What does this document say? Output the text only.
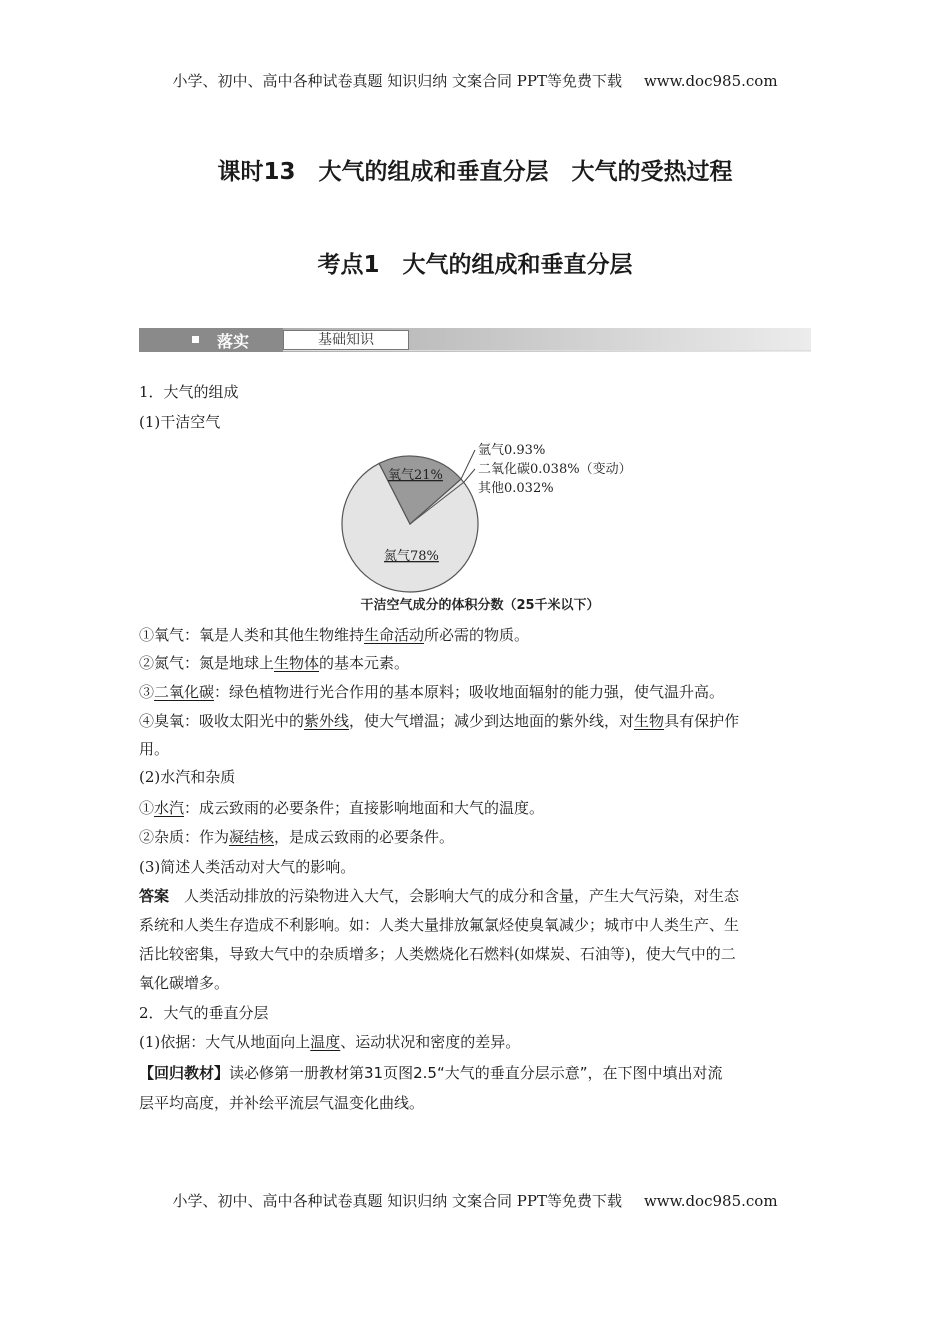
小学、初中、高中各种试卷真题 知识归纳 文案合同 PPT等免费下载 www.doc985.com
课时13　大气的组成和垂直分层　大气的受热过程
考点1　大气的组成和垂直分层
落实	基础知识
1．大气的组成
(1)干洁空气
氧气21%
氮气78%
氩气0.93%
二氧化碳0.038%（变动）
其他0.032%
干洁空气成分的体积分数（25千米以下）
①氧气：氧是人类和其他生物维持生命活动所必需的物质。
②氮气：氮是地球上生物体的基本元素。
③二氧化碳：绿色植物进行光合作用的基本原料；吸收地面辐射的能力强，使气温升高。
④臭氧：吸收太阳光中的紫外线，使大气增温；减少到达地面的紫外线，对生物具有保护作
用。
(2)水汽和杂质
①水汽：成云致雨的必要条件；直接影响地面和大气的温度。
②杂质：作为凝结核，是成云致雨的必要条件。
(3)简述人类活动对大气的影响。
答案　 人类活动排放的污染物进入大气，会影响大气的成分和含量，产生大气污染，对生态
系统和人类生存造成不利影响。如：人类大量排放氟氯烃使臭氧减少；城市中人类生产、生
活比较密集，导致大气中的杂质增多；人类燃烧化石燃料(如煤炭、石油等)，使大气中的二
氧化碳增多。
2．大气的垂直分层
(1)依据：大气从地面向上温度、运动状况和密度的差异。
【回归教材】读必修第一册教材第31页图2.5“大气的垂直分层示意”，在下图中填出对流
层平均高度，并补绘平流层气温变化曲线。
小学、初中、高中各种试卷真题 知识归纳 文案合同 PPT等免费下载 www.doc985.com
